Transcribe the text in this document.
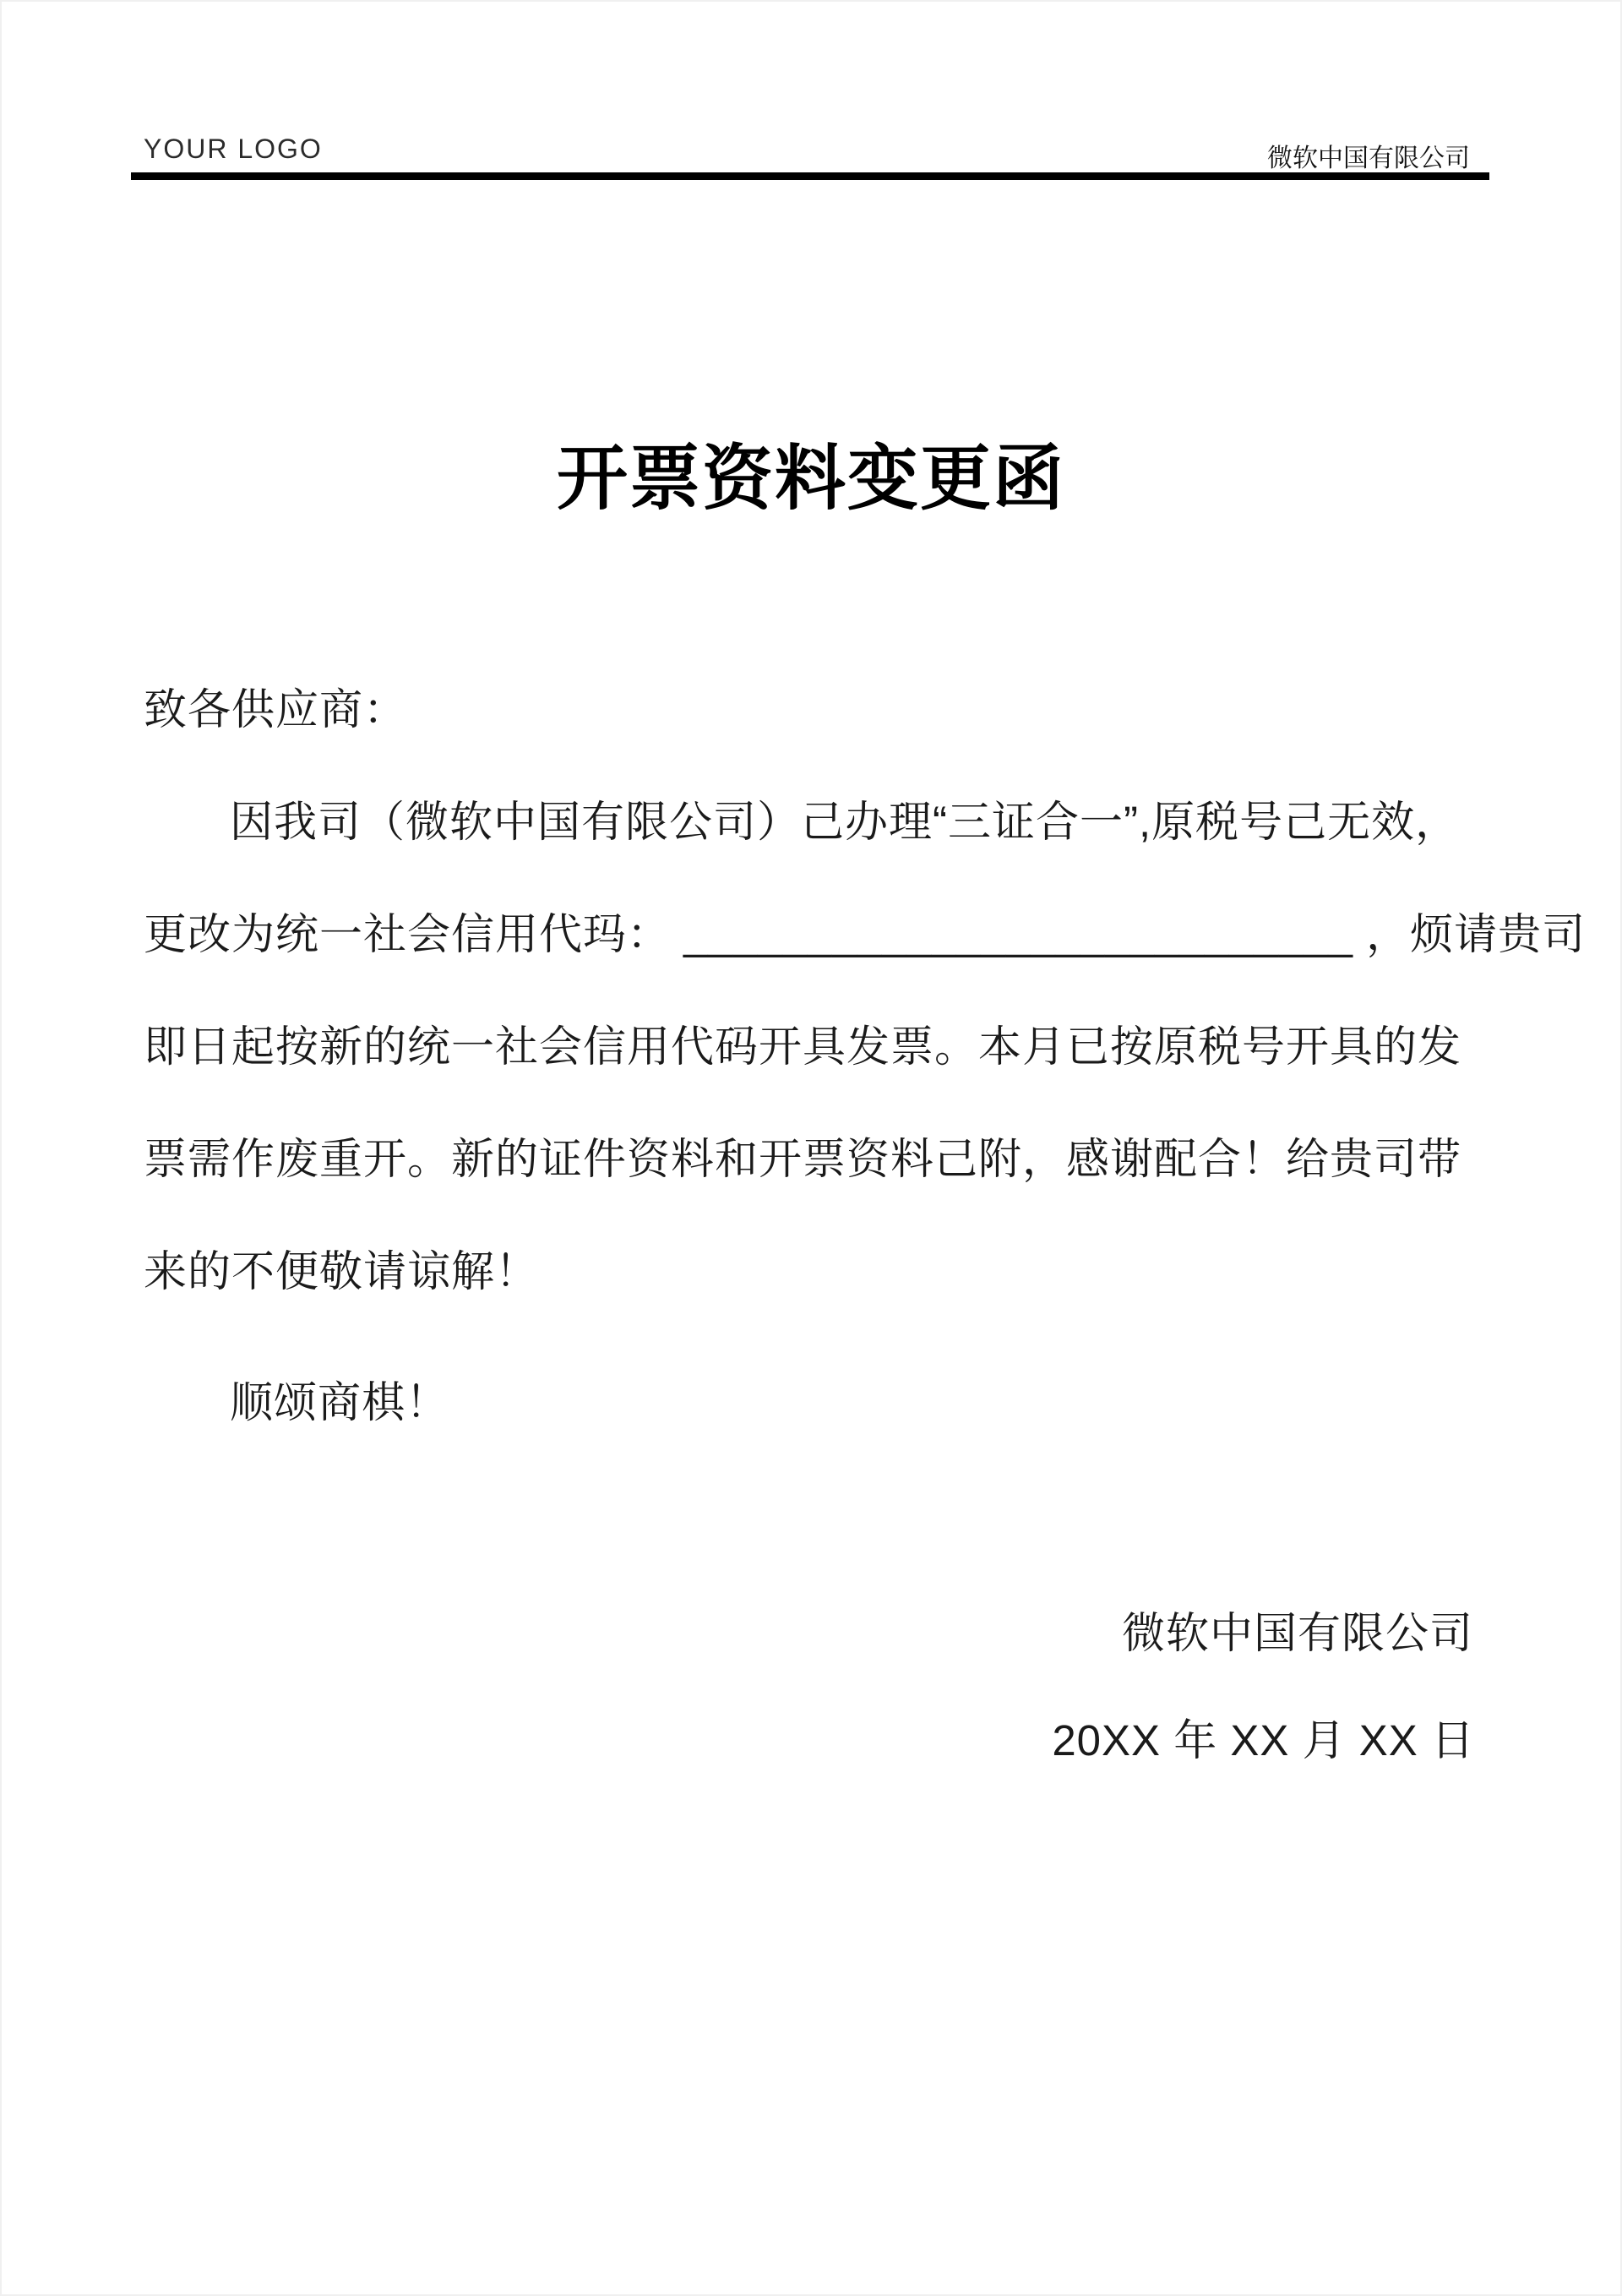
YOUR LOGO	微软中国有限公司
开票资料变更函
致各供应商：
因我司（微软中国有限公司）己办理“三证合一”,原税号己无效，
更改为统一社会信用代玛： ___________________________ ，烦请贵司
即日起按新的统一社会信用代码开具发票。本月已按原税号开具的发
票需作废重开。新的证件资料和开票资料己附，感谢配合！给贵司带
来的不便敬请谅解！
顺颂商棋！
微软中国有限公司
20XX 年 XX 月 XX 日
